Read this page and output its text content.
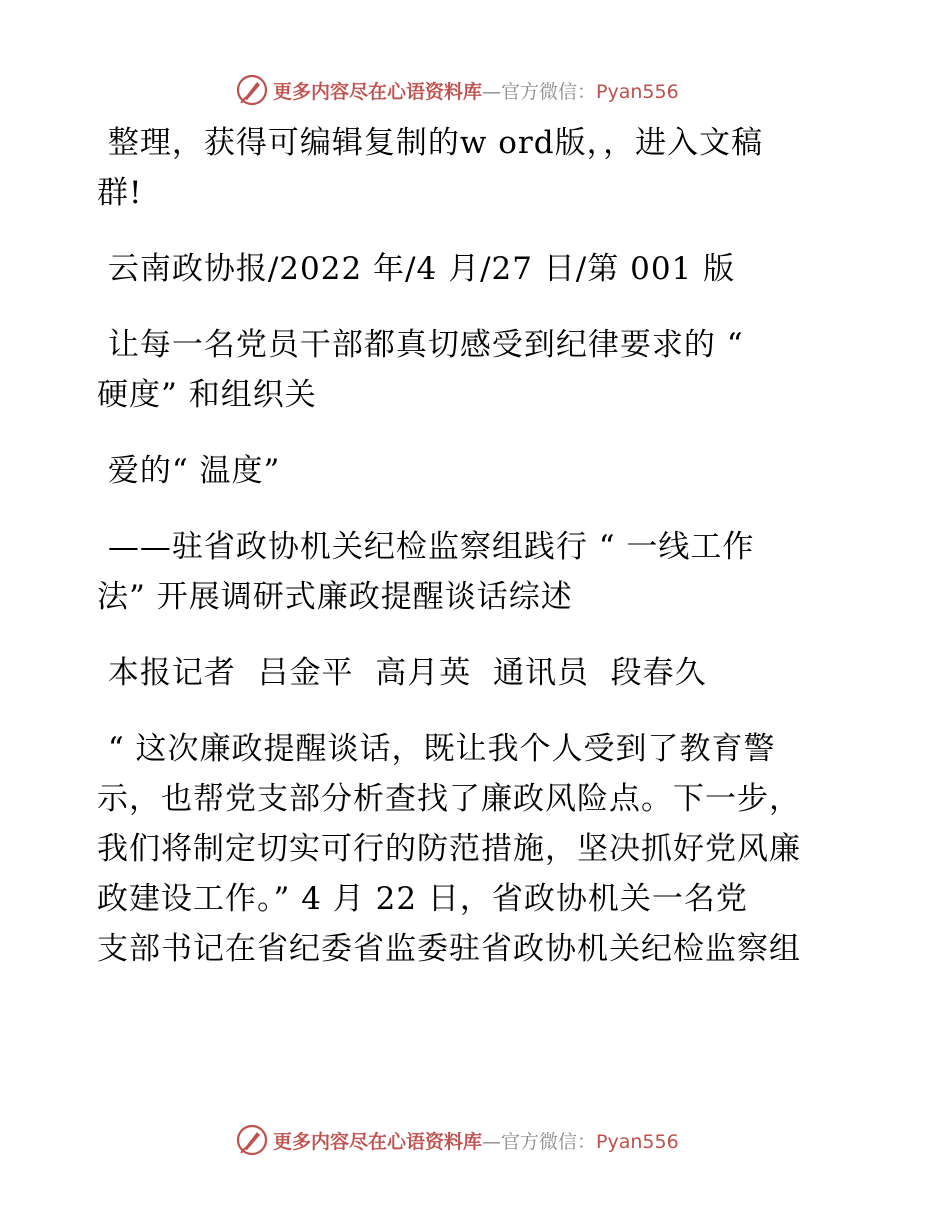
更多内容尽在心语资料库—官方微信：Pyan556
整理，获得可编辑复制的w ord版，，进入文稿
群!
云南政协报/2022 年/4 月/27 日/第 001 版
让每一名党员干部都真切感受到纪律要求的 “
硬度” 和组织关
爱的“ 温度”
——驻省政协机关纪检监察组践行 “ 一线工作
法” 开展调研式廉政提醒谈话综述
本报记者  吕金平  高月英  通讯员  段春久
“ 这次廉政提醒谈话，既让我个人受到了教育警
示，也帮党支部分析查找了廉政风险点。下一步，
我们将制定切实可行的防范措施，坚决抓好党风廉
政建设工作。” 4 月 22 日，省政协机关一名党
支部书记在省纪委省监委驻省政协机关纪检监察组
更多内容尽在心语资料库—官方微信：Pyan556
